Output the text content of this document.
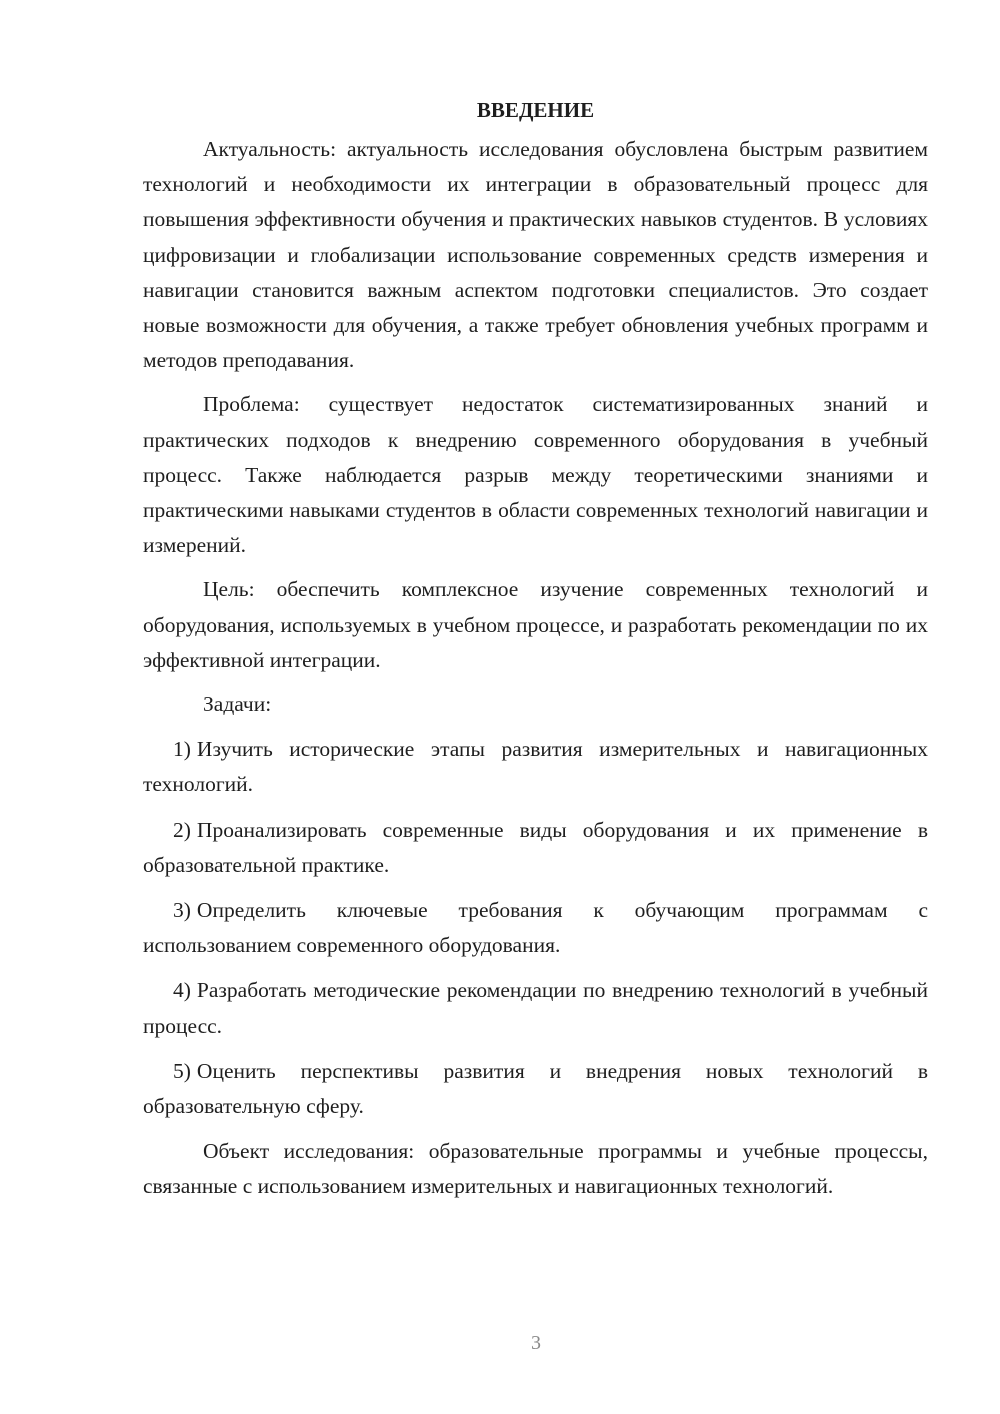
ВВЕДЕНИЕ

Актуальность: актуальность исследования обусловлена быстрым развитием технологий и необходимости их интеграции в образовательный процесс для повышения эффективности обучения и практических навыков студентов. В условиях цифровизации и глобализации использование современных средств измерения и навигации становится важным аспектом подготовки специалистов. Это создает новые возможности для обучения, а также требует обновления учебных программ и методов преподавания.

Проблема: существует недостаток систематизированных знаний и практических подходов к внедрению современного оборудования в учебный процесс. Также наблюдается разрыв между теоретическими знаниями и практическими навыками студентов в области современных технологий навигации и измерений.

Цель: обеспечить комплексное изучение современных технологий и оборудования, используемых в учебном процессе, и разработать рекомендации по их эффективной интеграции.

Задачи:

1) Изучить исторические этапы развития измерительных и навигационных технологий.

2) Проанализировать современные виды оборудования и их применение в образовательной практике.

3) Определить ключевые требования к обучающим программам с использованием современного оборудования.

4) Разработать методические рекомендации по внедрению технологий в учебный процесс.

5) Оценить перспективы развития и внедрения новых технологий в образовательную сферу.

Объект исследования: образовательные программы и учебные процессы, связанные с использованием измерительных и навигационных технологий.

3
